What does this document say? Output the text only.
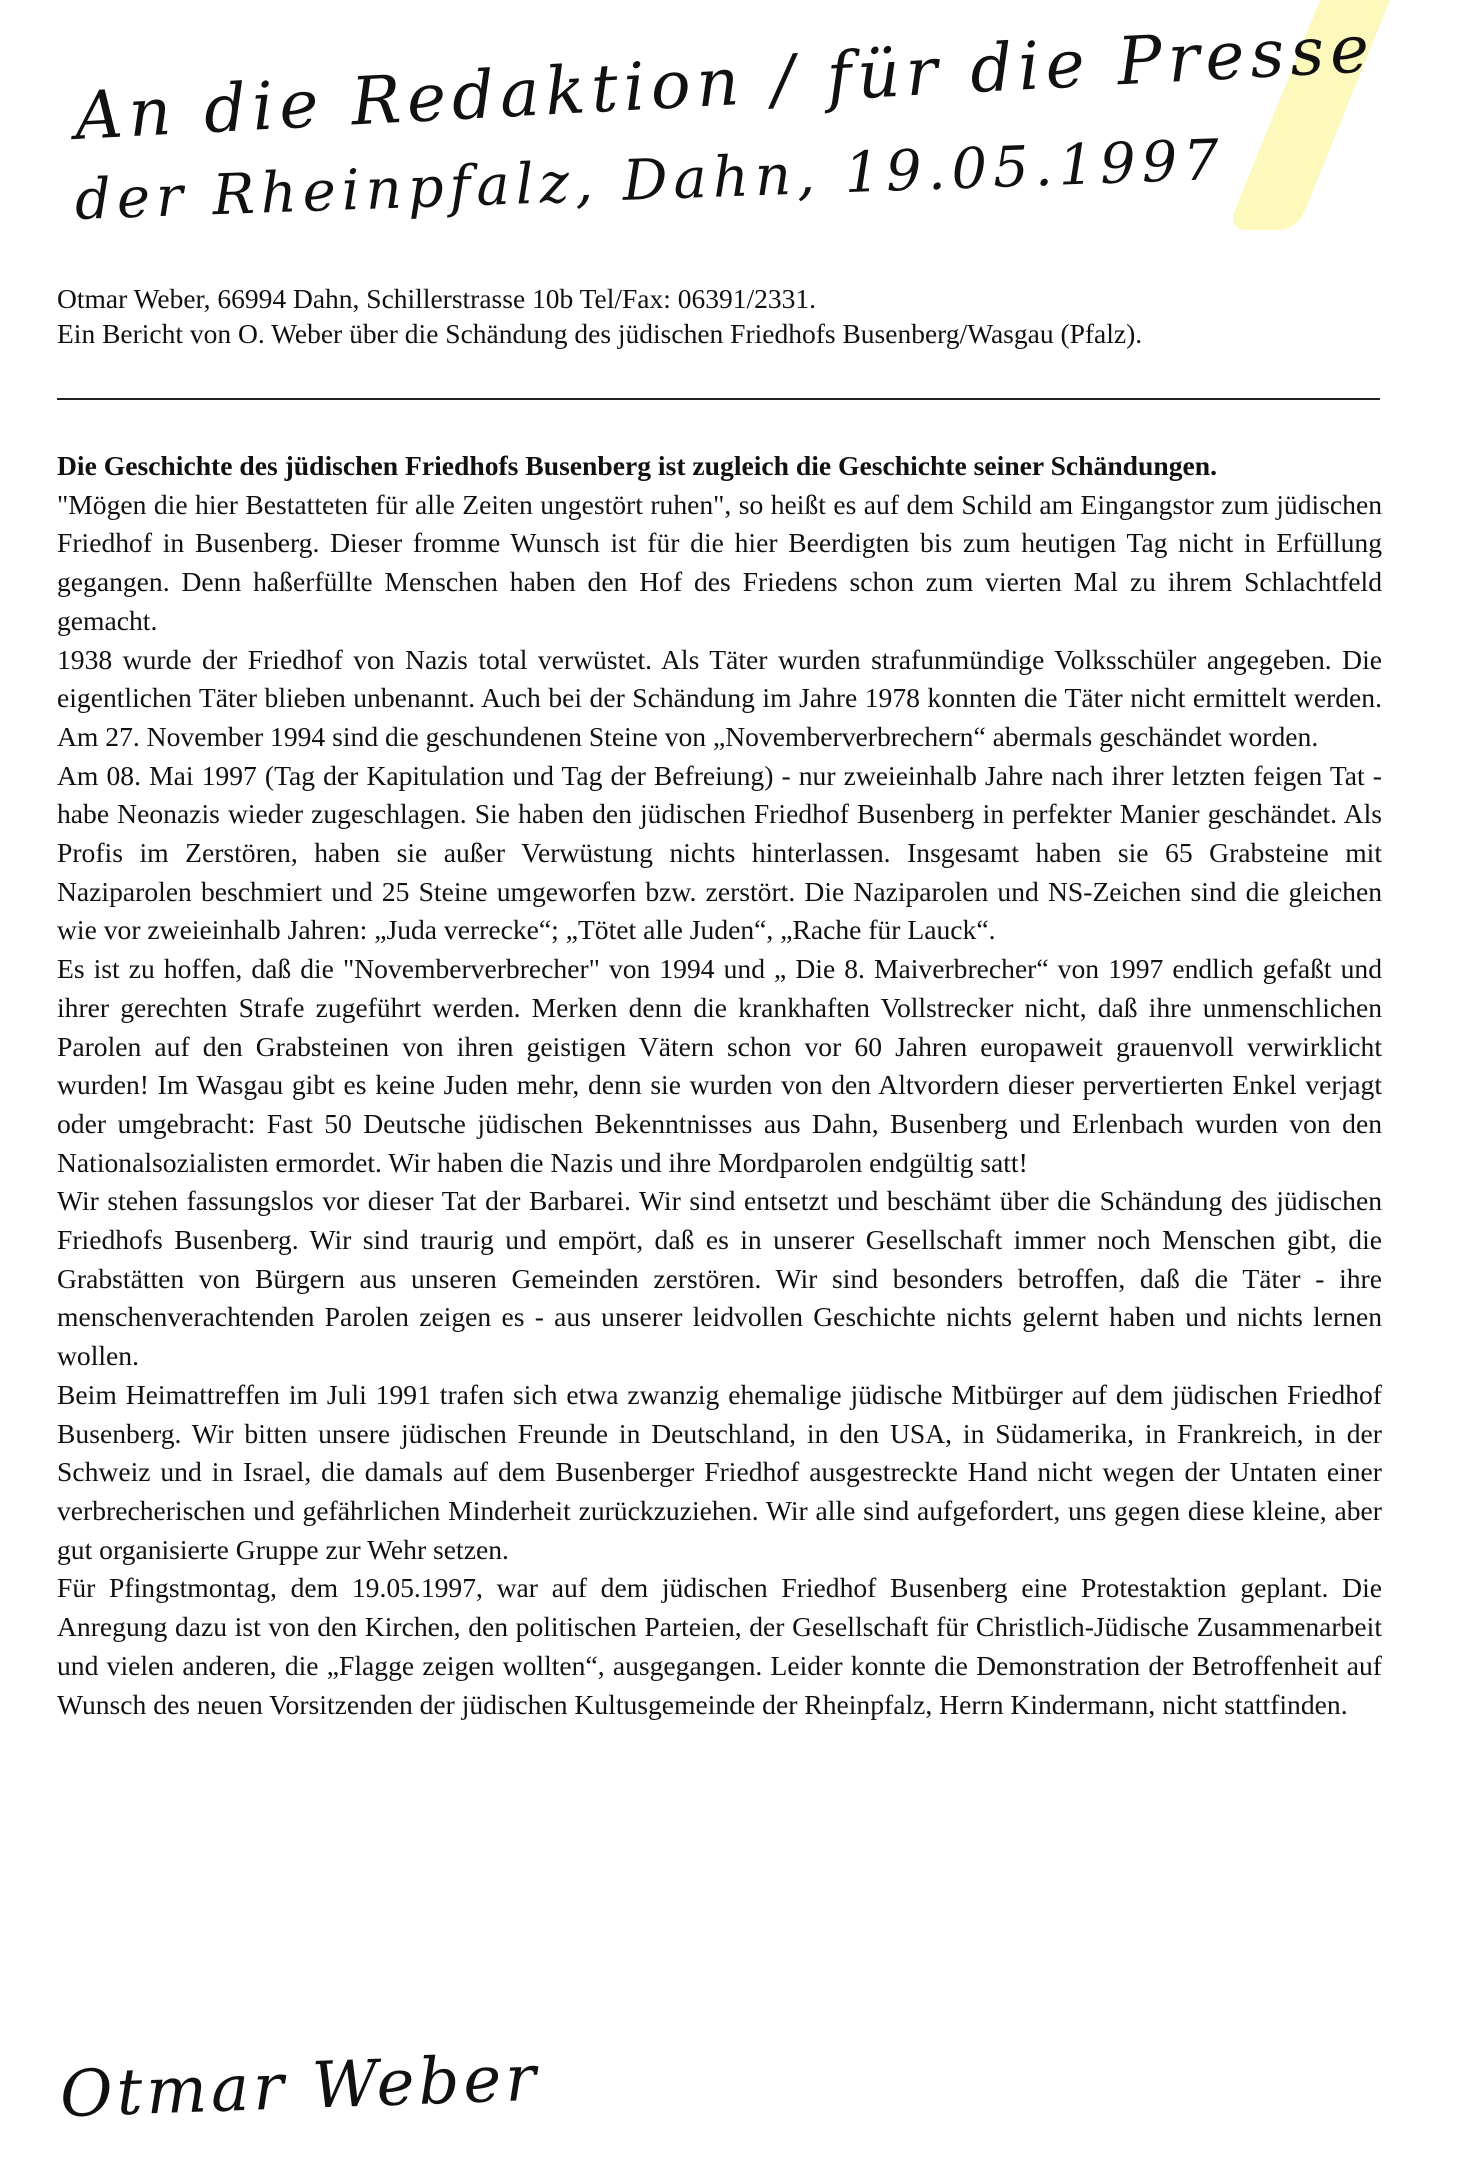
An die Redaktion / für die Presse
der Rheinpfalz, Dahn, 19.05.1997
Otmar Weber, 66994 Dahn, Schillerstrasse 10b Tel/Fax: 06391/2331.
Ein Bericht von O. Weber über die Schändung des jüdischen Friedhofs Busenberg/Wasgau (Pfalz).

Die Geschichte des jüdischen Friedhofs Busenberg ist zugleich die Geschichte seiner Schändungen.

"Mögen die hier Bestatteten für alle Zeiten ungestört ruhen", so heißt es auf dem Schild am Eingangstor zum jüdischen Friedhof in Busenberg. Dieser fromme Wunsch ist für die hier Beerdigten bis zum heutigen Tag nicht in Erfüllung gegangen. Denn haßerfüllte Menschen haben den Hof des Friedens schon zum vierten Mal zu ihrem Schlachtfeld gemacht.

1938 wurde der Friedhof von Nazis total verwüstet. Als Täter wurden strafunmündige Volksschüler angegeben. Die eigentlichen Täter blieben unbenannt. Auch bei der Schändung im Jahre 1978 konnten die Täter nicht ermittelt werden. Am 27. November 1994 sind die geschundenen Steine von „Novemberverbrechern“ abermals geschändet worden.

Am 08. Mai 1997 (Tag der Kapitulation und Tag der Befreiung) - nur zweieinhalb Jahre nach ihrer letzten feigen Tat - habe Neonazis wieder zugeschlagen. Sie haben den jüdischen Friedhof Busenberg in perfekter Manier geschändet. Als Profis im Zerstören, haben sie außer Verwüstung nichts hinterlassen. Insgesamt haben sie 65 Grabsteine mit Naziparolen beschmiert und 25 Steine umgeworfen bzw. zerstört. Die Naziparolen und NS-Zeichen sind die gleichen wie vor zweieinhalb Jahren: „Juda verrecke“; „Tötet alle Juden“, „Rache für Lauck“.

Es ist zu hoffen, daß die "Novemberverbrecher" von 1994 und „ Die 8. Maiverbrecher“ von 1997 endlich gefaßt und ihrer gerechten Strafe zugeführt werden. Merken denn die krankhaften Vollstrecker nicht, daß ihre unmenschlichen Parolen auf den Grabsteinen von ihren geistigen Vätern schon vor 60 Jahren europaweit grauenvoll verwirklicht wurden! Im Wasgau gibt es keine Juden mehr, denn sie wurden von den Altvordern dieser pervertierten Enkel verjagt oder umgebracht: Fast 50 Deutsche jüdischen Bekenntnisses aus Dahn, Busenberg und Erlenbach wurden von den Nationalsozialisten ermordet. Wir haben die Nazis und ihre Mordparolen endgültig satt!

Wir stehen fassungslos vor dieser Tat der Barbarei. Wir sind entsetzt und beschämt über die Schändung des jüdischen Friedhofs Busenberg. Wir sind traurig und empört, daß es in unserer Gesellschaft immer noch Menschen gibt, die Grabstätten von Bürgern aus unseren Gemeinden zerstören. Wir sind besonders betroffen, daß die Täter - ihre menschenverachtenden Parolen zeigen es - aus unserer leidvollen Geschichte nichts gelernt haben und nichts lernen wollen.

Beim Heimattreffen im Juli 1991 trafen sich etwa zwanzig ehemalige jüdische Mitbürger auf dem jüdischen Friedhof Busenberg. Wir bitten unsere jüdischen Freunde in Deutschland, in den USA, in Südamerika, in Frankreich, in der Schweiz und in Israel, die damals auf dem Busenberger Friedhof ausgestreckte Hand nicht wegen der Untaten einer verbrecherischen und gefährlichen Minderheit zurückzuziehen. Wir alle sind aufgefordert, uns gegen diese kleine, aber gut organisierte Gruppe zur Wehr setzen.

Für Pfingstmontag, dem 19.05.1997, war auf dem jüdischen Friedhof Busenberg eine Protestaktion geplant. Die Anregung dazu ist von den Kirchen, den politischen Parteien, der Gesellschaft für Christlich-Jüdische Zusammenarbeit und vielen anderen, die „Flagge zeigen wollten“, ausgegangen. Leider konnte die Demonstration der Betroffenheit auf Wunsch des neuen Vorsitzenden der jüdischen Kultusgemeinde der Rheinpfalz, Herrn Kindermann, nicht stattfinden.

Otmar Weber
